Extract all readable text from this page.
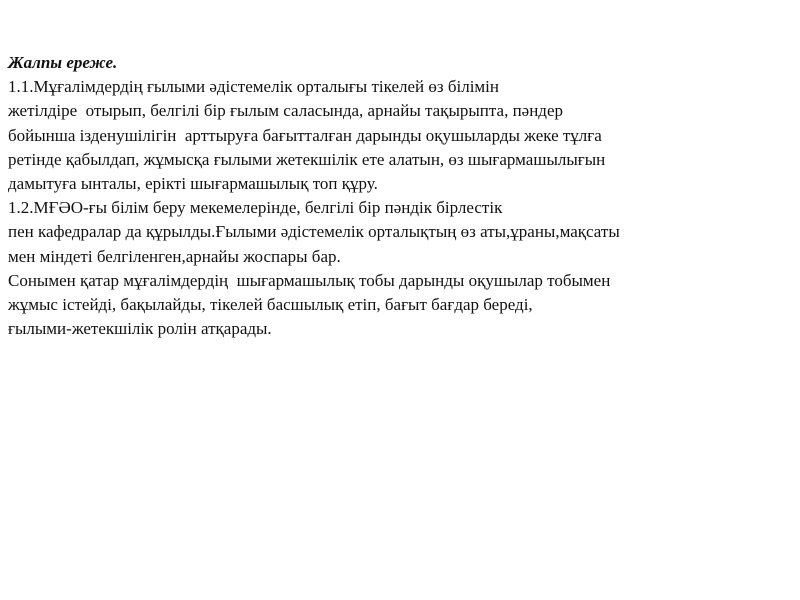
Жалпы ереже.
1.1.Мұғалімдердің ғылыми әдістемелік орталығы тікелей өз білімін
жетілдіре  отырып, белгілі бір ғылым саласында, арнайы тақырыпта, пәндер
бойынша ізденушілігін  арттыруға бағытталған дарынды оқушыларды жеке тұлға
ретінде қабылдап, жұмысқа ғылыми жетекшілік ете алатын, өз шығармашылығын
дамытуға ынталы, ерікті шығармашылық топ құру.
1.2.МҒӘО-ғы білім беру мекемелерінде, белгілі бір пәндік бірлестік
пен кафедралар да құрылды.Ғылыми әдістемелік орталықтың өз аты,ұраны,мақсаты
мен міндеті белгіленген,арнайы жоспары бар.
Сонымен қатар мұғалімдердің  шығармашылық тобы дарынды оқушылар тобымен
жұмыс істейді, бақылайды, тікелей басшылық етіп, бағыт бағдар береді,
ғылыми-жетекшілік ролін атқарады.
